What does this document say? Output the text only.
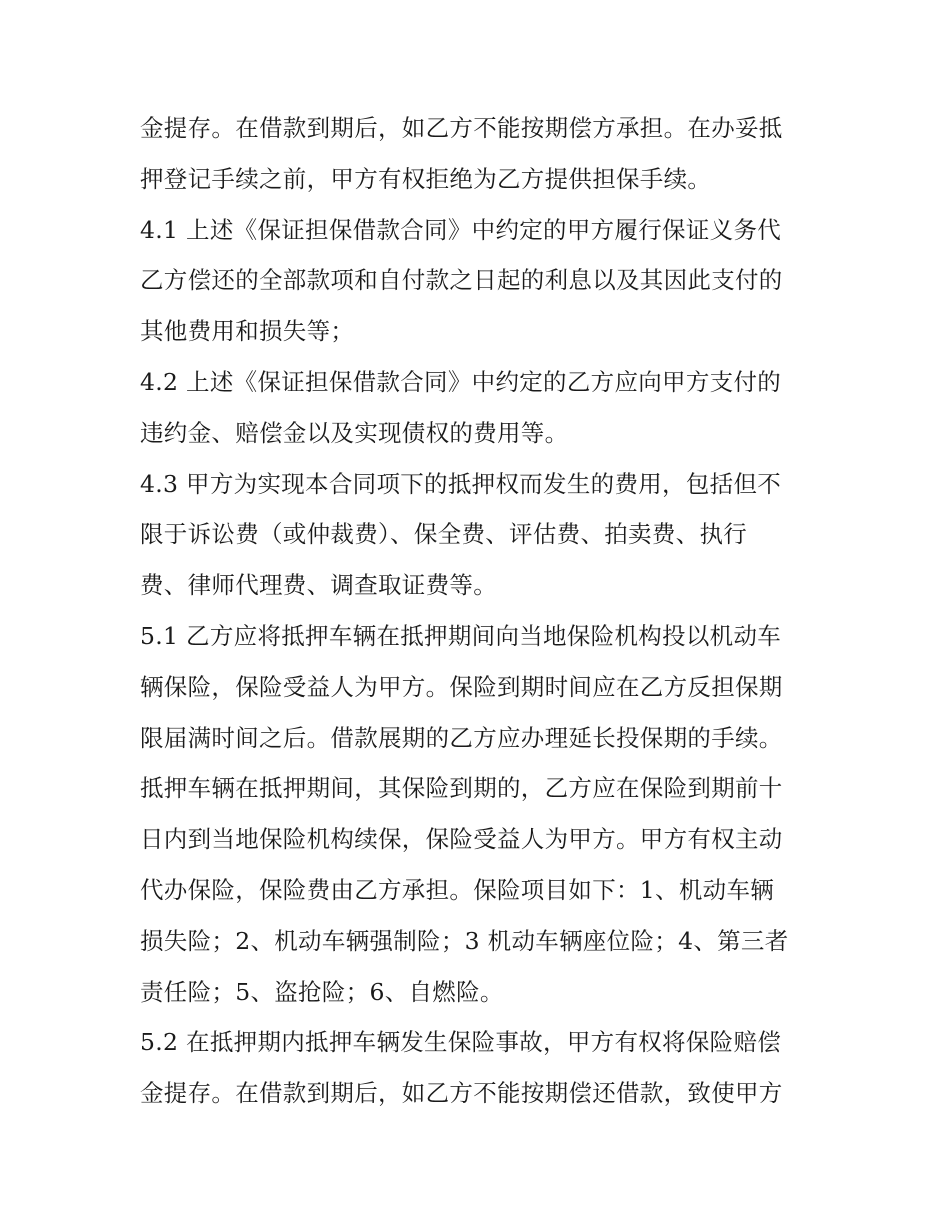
金提存。在借款到期后，如乙方不能按期偿方承担。在办妥抵
押登记手续之前，甲方有权拒绝为乙方提供担保手续。
4.1 上述《保证担保借款合同》中约定的甲方履行保证义务代
乙方偿还的全部款项和自付款之日起的利息以及其因此支付的
其他费用和损失等；
4.2 上述《保证担保借款合同》中约定的乙方应向甲方支付的
违约金、赔偿金以及实现债权的费用等。
4.3 甲方为实现本合同项下的抵押权而发生的费用，包括但不
限于诉讼费（或仲裁费）、保全费、评估费、拍卖费、执行
费、律师代理费、调查取证费等。
5.1 乙方应将抵押车辆在抵押期间向当地保险机构投以机动车
辆保险，保险受益人为甲方。保险到期时间应在乙方反担保期
限届满时间之后。借款展期的乙方应办理延长投保期的手续。
抵押车辆在抵押期间，其保险到期的，乙方应在保险到期前十
日内到当地保险机构续保，保险受益人为甲方。甲方有权主动
代办保险，保险费由乙方承担。保险项目如下：1、机动车辆
损失险；2、机动车辆强制险；3 机动车辆座位险；4、第三者
责任险；5、盗抢险；6、自燃险。
5.2 在抵押期内抵押车辆发生保险事故，甲方有权将保险赔偿
金提存。在借款到期后，如乙方不能按期偿还借款，致使甲方
